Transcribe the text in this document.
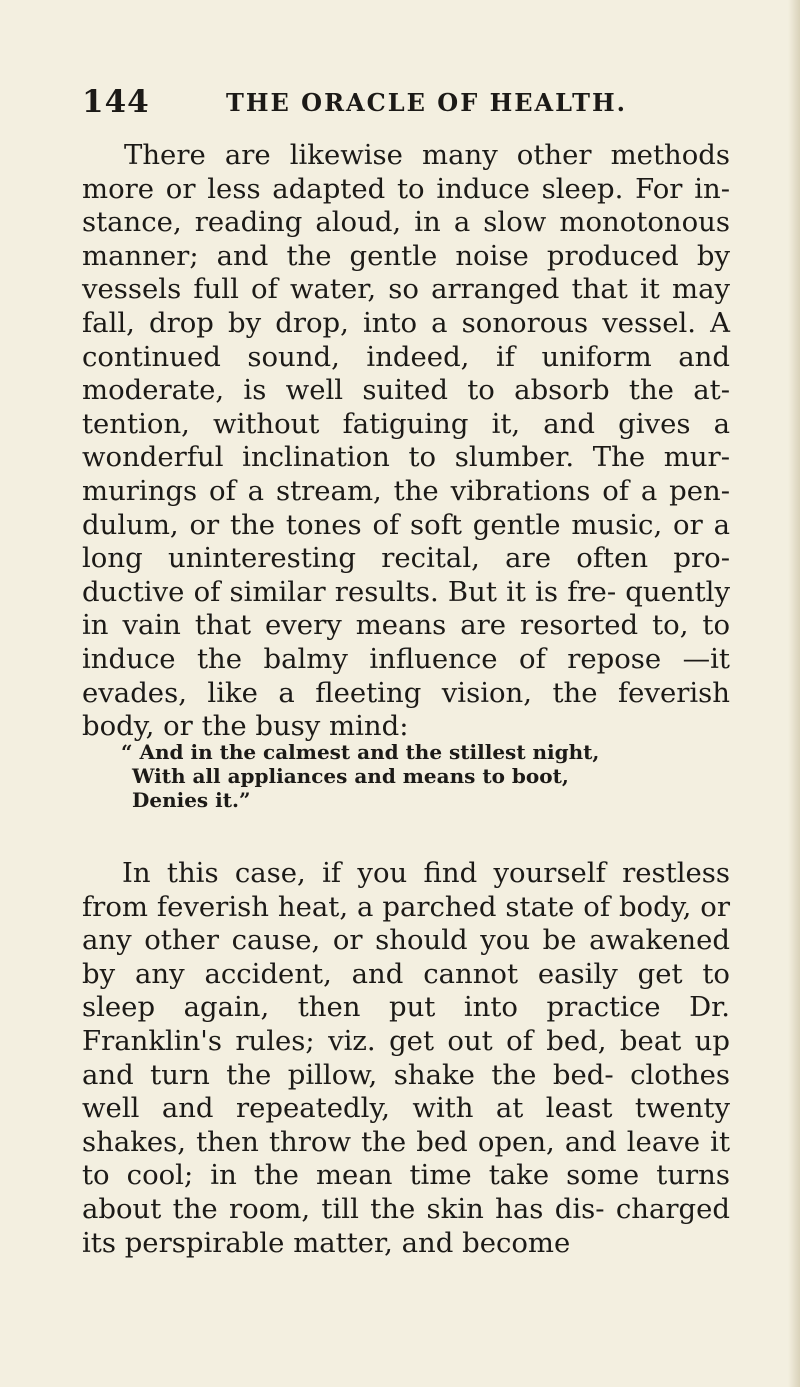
144	THE ORACLE OF HEALTH.

There are likewise many other methods more or less adapted to induce sleep. For in- stance, reading aloud, in a slow monotonous manner; and the gentle noise produced by vessels full of water, so arranged that it may fall, drop by drop, into a sonorous vessel. A continued sound, indeed, if uniform and moderate, is well suited to absorb the at- tention, without fatiguing it, and gives a wonderful inclination to slumber. The mur- murings of a stream, the vibrations of a pen- dulum, or the tones of soft gentle music, or a long uninteresting recital, are often pro- ductive of similar results. But it is fre- quently in vain that every means are resorted to, to induce the balmy influence of repose —it evades, like a fleeting vision, the feverish body, or the busy mind:

“ And in the calmest and the stillest night,
With all appliances and means to boot,
Denies it.”

In this case, if you find yourself restless from feverish heat, a parched state of body, or any other cause, or should you be awakened by any accident, and cannot easily get to sleep again, then put into practice Dr. Franklin's rules; viz. get out of bed, beat up and turn the pillow, shake the bed- clothes well and repeatedly, with at least twenty shakes, then throw the bed open, and leave it to cool; in the mean time take some turns about the room, till the skin has dis- charged its perspirable matter, and become
